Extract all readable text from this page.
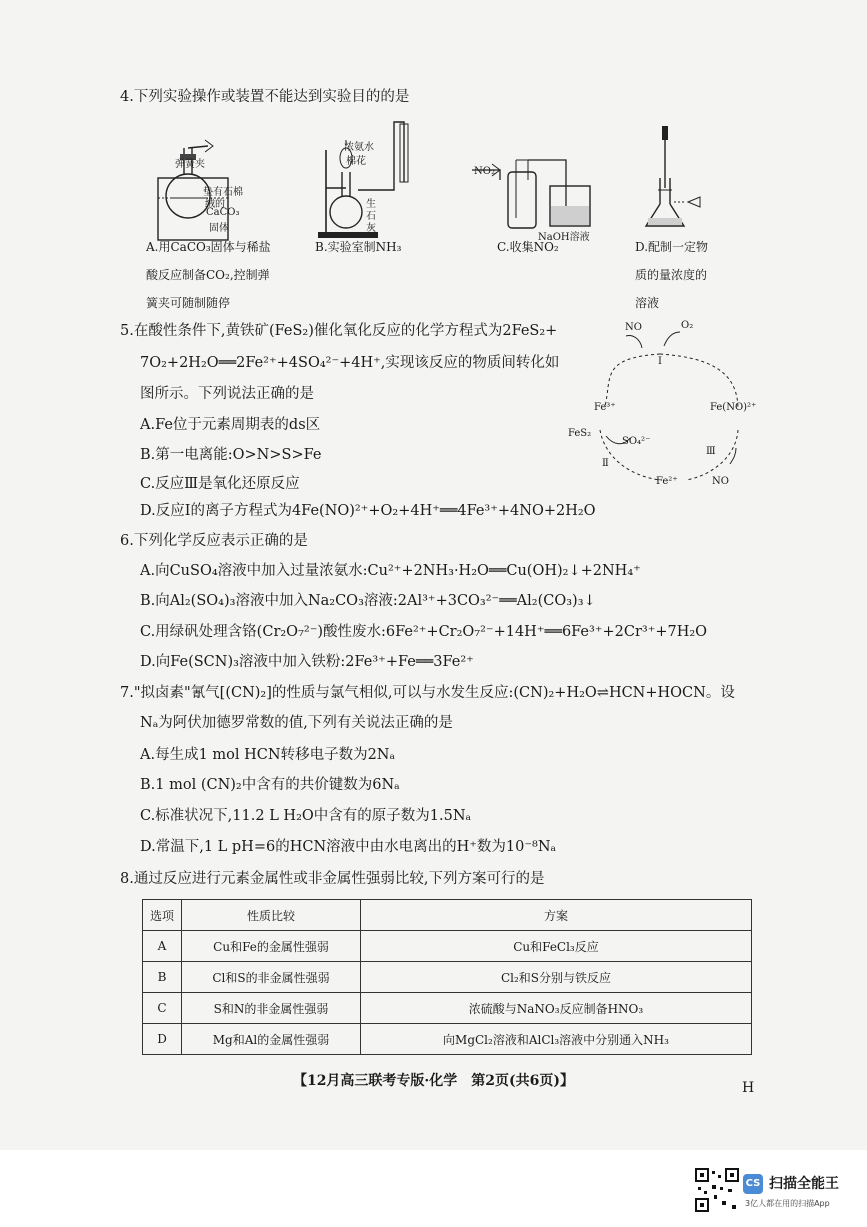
4.下列实验操作或装置不能达到实验目的的是
弹簧夹
垫有石棉
绒的
CaCO₃
固体
浓氨水
棉花
生
石
灰
NO₂
NaOH溶液
A.用CaCO₃固体与稀盐
酸反应制备CO₂,控制弹
簧夹可随制随停
B.实验室制NH₃	C.收集NO₂	D.配制一定物
质的量浓度的
溶液
5.在酸性条件下,黄铁矿(FeS₂)催化氧化反应的化学方程式为2FeS₂+
7O₂+2H₂O══2Fe²⁺+4SO₄²⁻+4H⁺,实现该反应的物质间转化如
图所示。下列说法正确的是
A.Fe位于元素周期表的ds区
B.第一电离能:O>N>S>Fe
C.反应Ⅲ是氧化还原反应
D.反应Ⅰ的离子方程式为4Fe(NO)²⁺+O₂+4H⁺══4Fe³⁺+4NO+2H₂O
NO	O₂
Ⅰ
Fe³⁺	Fe(NO)²⁺
FeS₂
SO₄²⁻
Ⅱ
Ⅲ
Fe²⁺	NO
6.下列化学反应表示正确的是
A.向CuSO₄溶液中加入过量浓氨水:Cu²⁺+2NH₃·H₂O══Cu(OH)₂↓+2NH₄⁺
B.向Al₂(SO₄)₃溶液中加入Na₂CO₃溶液:2Al³⁺+3CO₃²⁻══Al₂(CO₃)₃↓
C.用绿矾处理含铬(Cr₂O₇²⁻)酸性废水:6Fe²⁺+Cr₂O₇²⁻+14H⁺══6Fe³⁺+2Cr³⁺+7H₂O
D.向Fe(SCN)₃溶液中加入铁粉:2Fe³⁺+Fe══3Fe²⁺
7."拟卤素"氰气[(CN)₂]的性质与氯气相似,可以与水发生反应:(CN)₂+H₂O⇌HCN+HOCN。设
Nₐ为阿伏加德罗常数的值,下列有关说法正确的是
A.每生成1 mol HCN转移电子数为2Nₐ
B.1 mol (CN)₂中含有的共价键数为6Nₐ
C.标准状况下,11.2 L H₂O中含有的原子数为1.5Nₐ
D.常温下,1 L pH=6的HCN溶液中由水电离出的H⁺数为10⁻⁸Nₐ
8.通过反应进行元素金属性或非金属性强弱比较,下列方案可行的是
选项	性质比较	方案
A	Cu和Fe的金属性强弱	Cu和FeCl₃反应
B	Cl和S的非金属性强弱	Cl₂和S分别与铁反应
C	S和N的非金属性强弱	浓硫酸与NaNO₃反应制备HNO₃
D	Mg和Al的金属性强弱	向MgCl₂溶液和AlCl₃溶液中分别通入NH₃
【12月高三联考专版·化学　第2页(共6页)】	H
CS 扫描全能王
3亿人都在用的扫描App
